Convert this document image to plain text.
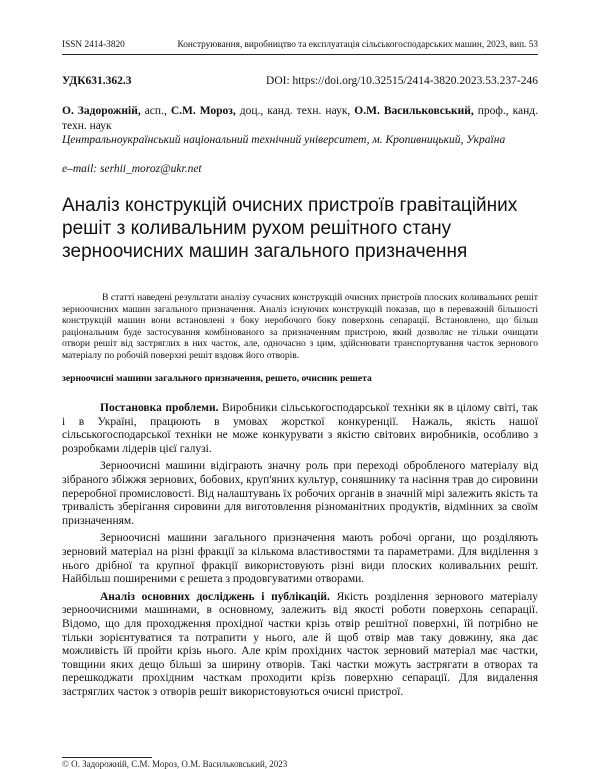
ISSN 2414-3820	Конструювання, виробництво та експлуатація сільськогосподарських машин, 2023, вип. 53
УДК631.362.3	DOI: https://doi.org/10.32515/2414-3820.2023.53.237-246
О. Задорожній, асп., С.М. Мороз, доц., канд. техн. наук, О.М. Васильковський, проф., канд. техн. наук
Центральноукраїнський національний технічний університет, м. Кропивницький, Україна
e–mail: serhii_moroz@ukr.net
Аналіз конструкцій очисних пристроїв гравітаційних решіт з коливальним рухом решітного стану зерноочисних машин загального призначення
В статті наведені результати аналізу сучасних конструкцій очисних пристроїв плоских коливальних решіт зерноочисних машин загального призначення. Аналіз існуючих конструкцій показав, що в переважній більшості конструкцій машин вони встановлені з боку неробочого боку поверхонь сепарації. Встановлено, що більш раціональним буде застосування комбінованого за призначенням пристрою, який дозволяє не тільки очищати отвори решіт від застряглих в них часток, але, одночасно з цим, здійснювати транспортування часток зернового матеріалу по робочій поверхні решіт вздовж його отворів.
зерноочисні машини загального призначення, решето, очисник решета

Постановка проблеми. Виробники сільськогосподарської техніки як в цілому світі, так і в Україні, працюють в умовах жорсткої конкуренції. Нажаль, якість нашої сільськогосподарської техніки не може конкурувати з якістю світових виробників, особливо з розробками лідерів цієї галузі.

Зерноочисні машини відіграють значну роль при переході обробленого матеріалу від зібраного збіжжя зернових, бобових, круп'яних культур, соняшнику та насіння трав до сировини переробної промисловості. Від налаштувань їх робочих органів в значній мірі залежить якість та тривалість зберігання сировини для виготовлення різноманітних продуктів, відмінних за своїм призначенням.

Зерноочисні машини загального призначення мають робочі органи, що розділяють зерновий матеріал на різні фракції за кількома властивостями та параметрами. Для виділення з нього дрібної та крупної фракції використовують різні види плоских коливальних решіт. Найбільш поширеними є решета з продовгуватими отворами.

Аналіз основних досліджень і публікацій. Якість розділення зернового матеріалу зерноочисними машинами, в основному, залежить від якості роботи поверхонь сепарації. Відомо, що для проходження прохідної частки крізь отвір решітної поверхні, їй потрібно не тільки зорієнтуватися та потрапити у нього, але й щоб отвір мав таку довжину, яка дає можливість їй пройти крізь нього. Але крім прохідних часток зерновий матеріал має частки, товщини яких дещо більші за ширину отворів. Такі частки можуть застрягати в отворах та перешкоджати прохідним часткам проходити крізь поверхню сепарації. Для видалення застряглих часток з отворів решіт використовуються очисні пристрої.

© О. Задорожній, С.М. Мороз, О.М. Васильковський, 2023
